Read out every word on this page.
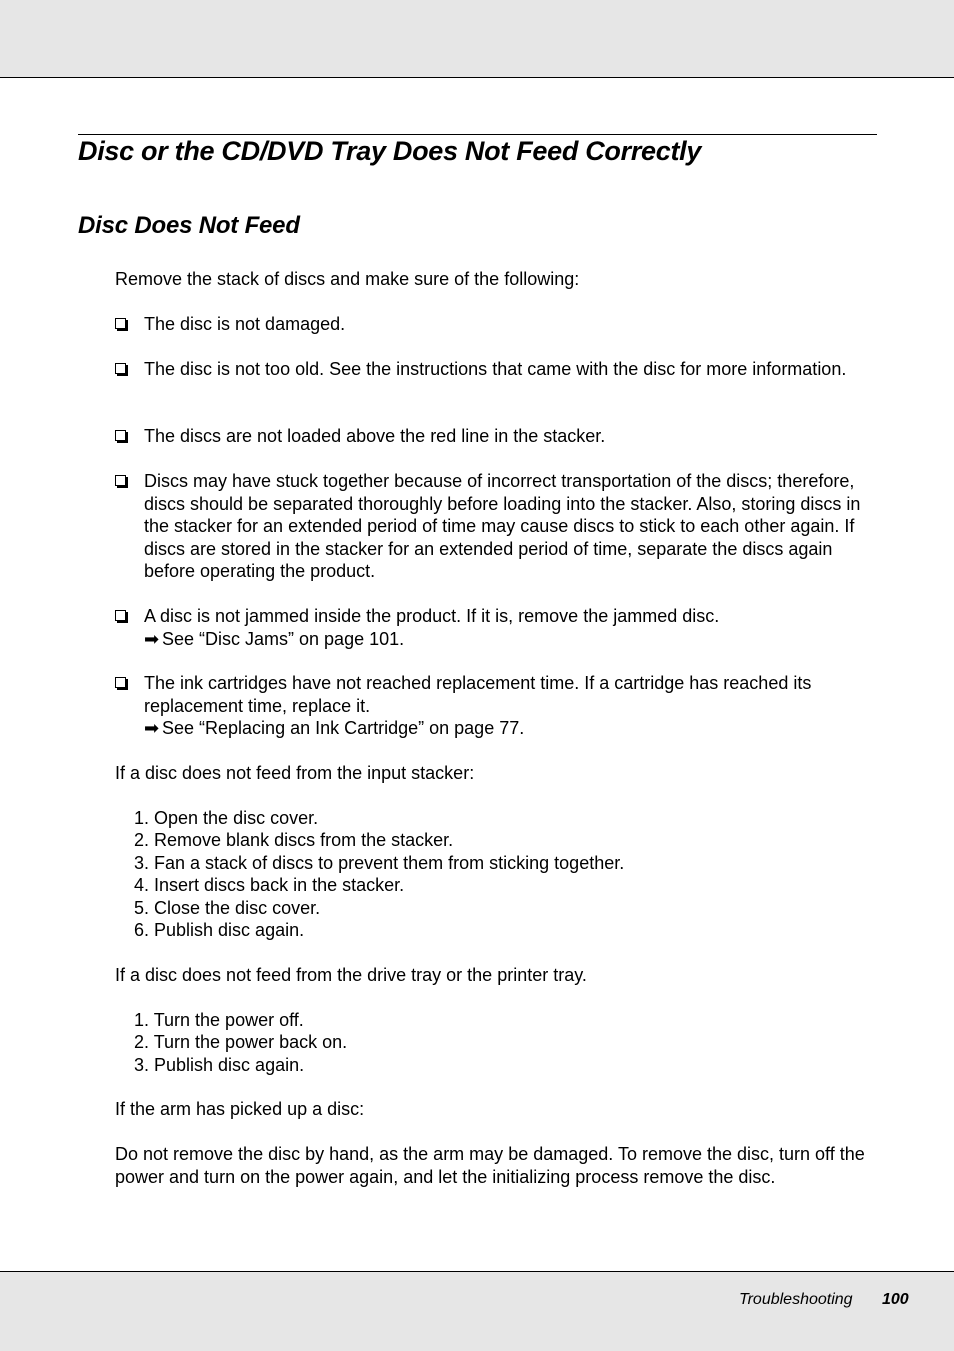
Disc or the CD/DVD Tray Does Not Feed Correctly
Disc Does Not Feed

Remove the stack of discs and make sure of the following:

The disc is not damaged.
The disc is not too old. See the instructions that came with the disc for more information.
The discs are not loaded above the red line in the stacker.
Discs may have stuck together because of incorrect transportation of the discs; therefore, discs should be separated thoroughly before loading into the stacker. Also, storing discs in the stacker for an extended period of time may cause discs to stick to each other again. If discs are stored in the stacker for an extended period of time, separate the discs again before operating the product.
A disc is not jammed inside the product. If it is, remove the jammed disc.
➡ See “Disc Jams” on page 101.
The ink cartridges have not reached replacement time. If a cartridge has reached its replacement time, replace it.
➡ See “Replacing an Ink Cartridge” on page 77.

If a disc does not feed from the input stacker:

1. Open the disc cover.
2. Remove blank discs from the stacker.
3. Fan a stack of discs to prevent them from sticking together.
4. Insert discs back in the stacker.
5. Close the disc cover.
6. Publish disc again.

If a disc does not feed from the drive tray or the printer tray.

1. Turn the power off.
2. Turn the power back on.
3. Publish disc again.

If the arm has picked up a disc:

Do not remove the disc by hand, as the arm may be damaged. To remove the disc, turn off the power and turn on the power again, and let the initializing process remove the disc.

Troubleshooting 100
